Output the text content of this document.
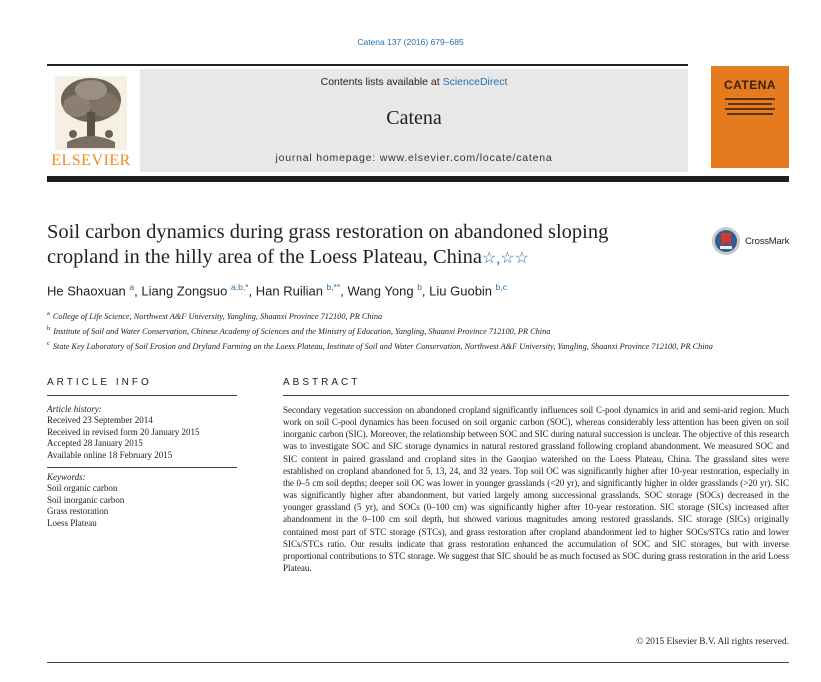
Catena 137 (2016) 679–685
ELSEVIER
Contents lists available at ScienceDirect
Catena
journal homepage: www.elsevier.com/locate/catena
CATENA
Soil carbon dynamics during grass restoration on abandoned sloping
cropland in the hilly area of the Loess Plateau, China☆,☆☆
CrossMark
He Shaoxuan $^a$, Liang Zongsuo $^{a,b,*}$, Han Ruilian $^{b,**}$, Wang Yong $^b$, Liu Guobin $^{b,c}$
$^a$ College of Life Science, Northwest A&F University, Yangling, Shaanxi Province 712100, PR China
$^b$ Institute of Soil and Water Conservation, Chinese Academy of Sciences and the Ministry of Education, Yangling, Shaanxi Province 712100, PR China
$^c$ State Key Laboratory of Soil Erosion and Dryland Farming on the Loess Plateau, Institute of Soil and Water Conservation, Northwest A&F University, Yangling, Shaanxi Province 712100, PR China
ARTICLE INFO	ABSTRACT
Article history:
Received 23 September 2014
Received in revised form 20 January 2015
Accepted 28 January 2015
Available online 18 February 2015
Keywords:
Soil organic carbon
Soil inorganic carbon
Grass restoration
Loess Plateau

Secondary vegetation succession on abandoned cropland significantly influences soil C-pool dynamics in arid and semi-arid region. Much work on soil C-pool dynamics has been focused on soil organic carbon (SOC), whereas considerably less attention has been given on soil inorganic carbon (SIC). Moreover, the relationship between SOC and SIC during natural succession is unclear. The objective of this research was to investigate SOC and SIC storage dynamics in natural restored grassland following cropland abandonment. We measured SOC and SIC content in paired grassland and cropland sites in the Gaoqiao watershed on the Loess Plateau, China. The grassland sites were established on cropland abandoned for 5, 13, 24, and 32 years. Top soil OC was significantly higher after 10-year restoration, especially in the 0–5 cm soil depths; deeper soil OC was lower in younger grasslands (<20 yr), and significantly higher in older grasslands (>20 yr). SIC was significantly higher after abandonment, but varied largely among successional grasslands. SOC storage (SOCs) decreased in the younger grassland (5 yr), and SOCs (0–100 cm) was significantly higher after 10-year restoration. SIC storage (SICs) increased after abandonment in the 0–100 cm soil depth, but showed various magnitudes among restored grasslands. SIC storage (SICs) originally contained most part of STC storage (STCs), and grass restoration after cropland abandonment led to higher SOCs/STCs ratio and lower SICs/STCs ratio. Our results indicate that grass restoration enhanced the accumulation of SOC and SIC storages, but with inverse proportional contributions to STC storage. We suggest that SIC should be as much focused as SOC during grass restoration in the arid Loess Plateau.

© 2015 Elsevier B.V. All rights reserved.
